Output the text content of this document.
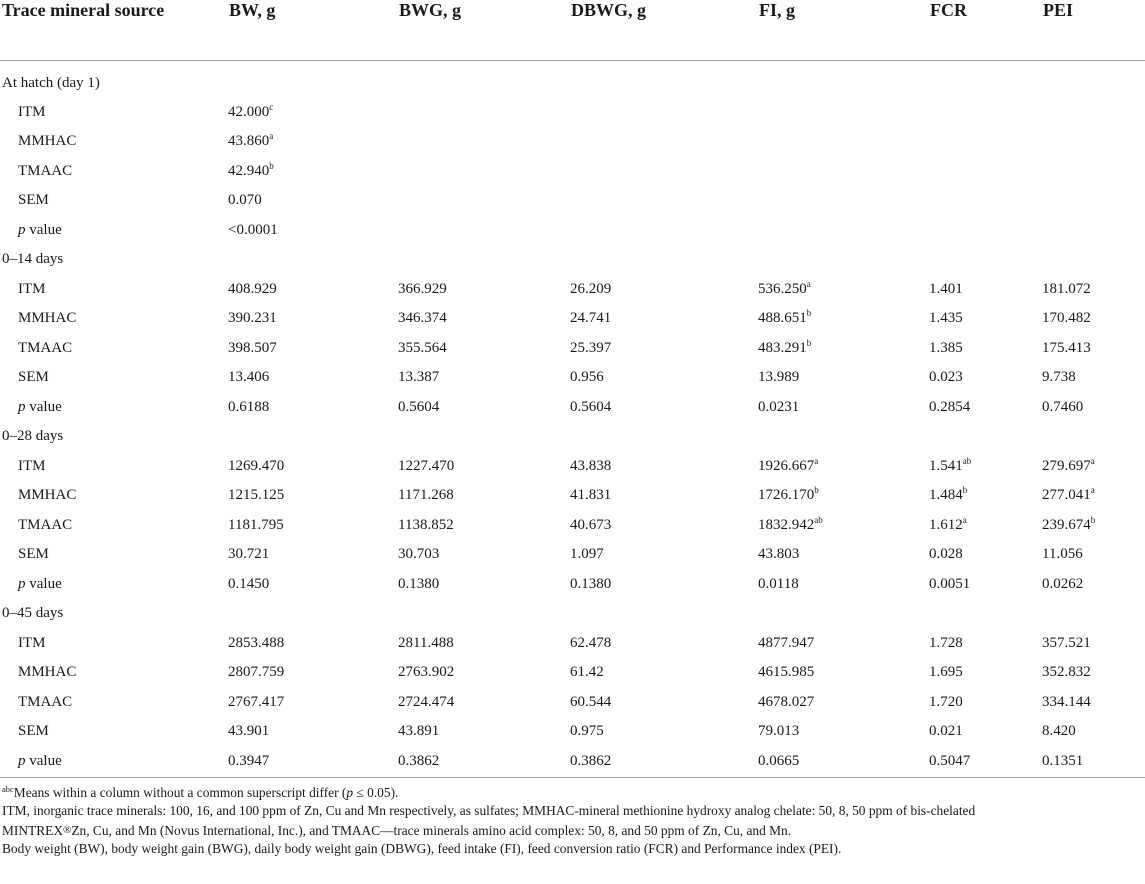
Trace mineral source	BW, g	BWG, g	DBWG, g	FI, g	FCR	PEI
At hatch (day 1)						
ITM	42.000$^c$					
MMHAC	43.860$^a$					
TMAAC	42.940$^b$					
SEM	0.070					
p value	<0.0001					
0–14 days						
ITM	408.929	366.929	26.209	536.250$^a$	1.401	181.072
MMHAC	390.231	346.374	24.741	488.651$^b$	1.435	170.482
TMAAC	398.507	355.564	25.397	483.291$^b$	1.385	175.413
SEM	13.406	13.387	0.956	13.989	0.023	9.738
p value	0.6188	0.5604	0.5604	0.0231	0.2854	0.7460
0–28 days						
ITM	1269.470	1227.470	43.838	1926.667$^a$	1.541$^{ab}$	279.697$^a$
MMHAC	1215.125	1171.268	41.831	1726.170$^b$	1.484$^b$	277.041$^a$
TMAAC	1181.795	1138.852	40.673	1832.942$^{ab}$	1.612$^a$	239.674$^b$
SEM	30.721	30.703	1.097	43.803	0.028	11.056
p value	0.1450	0.1380	0.1380	0.0118	0.0051	0.0262
0–45 days						
ITM	2853.488	2811.488	62.478	4877.947	1.728	357.521
MMHAC	2807.759	2763.902	61.42	4615.985	1.695	352.832
TMAAC	2767.417	2724.474	60.544	4678.027	1.720	334.144
SEM	43.901	43.891	0.975	79.013	0.021	8.420
p value	0.3947	0.3862	0.3862	0.0665	0.5047	0.1351
$^{abc}$Means within a column without a common superscript differ (p ≤ 0.05).
ITM, inorganic trace minerals: 100, 16, and 100 ppm of Zn, Cu and Mn respectively, as sulfates; MMHAC-mineral methionine hydroxy analog chelate: 50, 8, 50 ppm of bis-chelated
MINTREX®Zn, Cu, and Mn (Novus International, Inc.), and TMAAC—trace minerals amino acid complex: 50, 8, and 50 ppm of Zn, Cu, and Mn.
Body weight (BW), body weight gain (BWG), daily body weight gain (DBWG), feed intake (FI), feed conversion ratio (FCR) and Performance index (PEI).
